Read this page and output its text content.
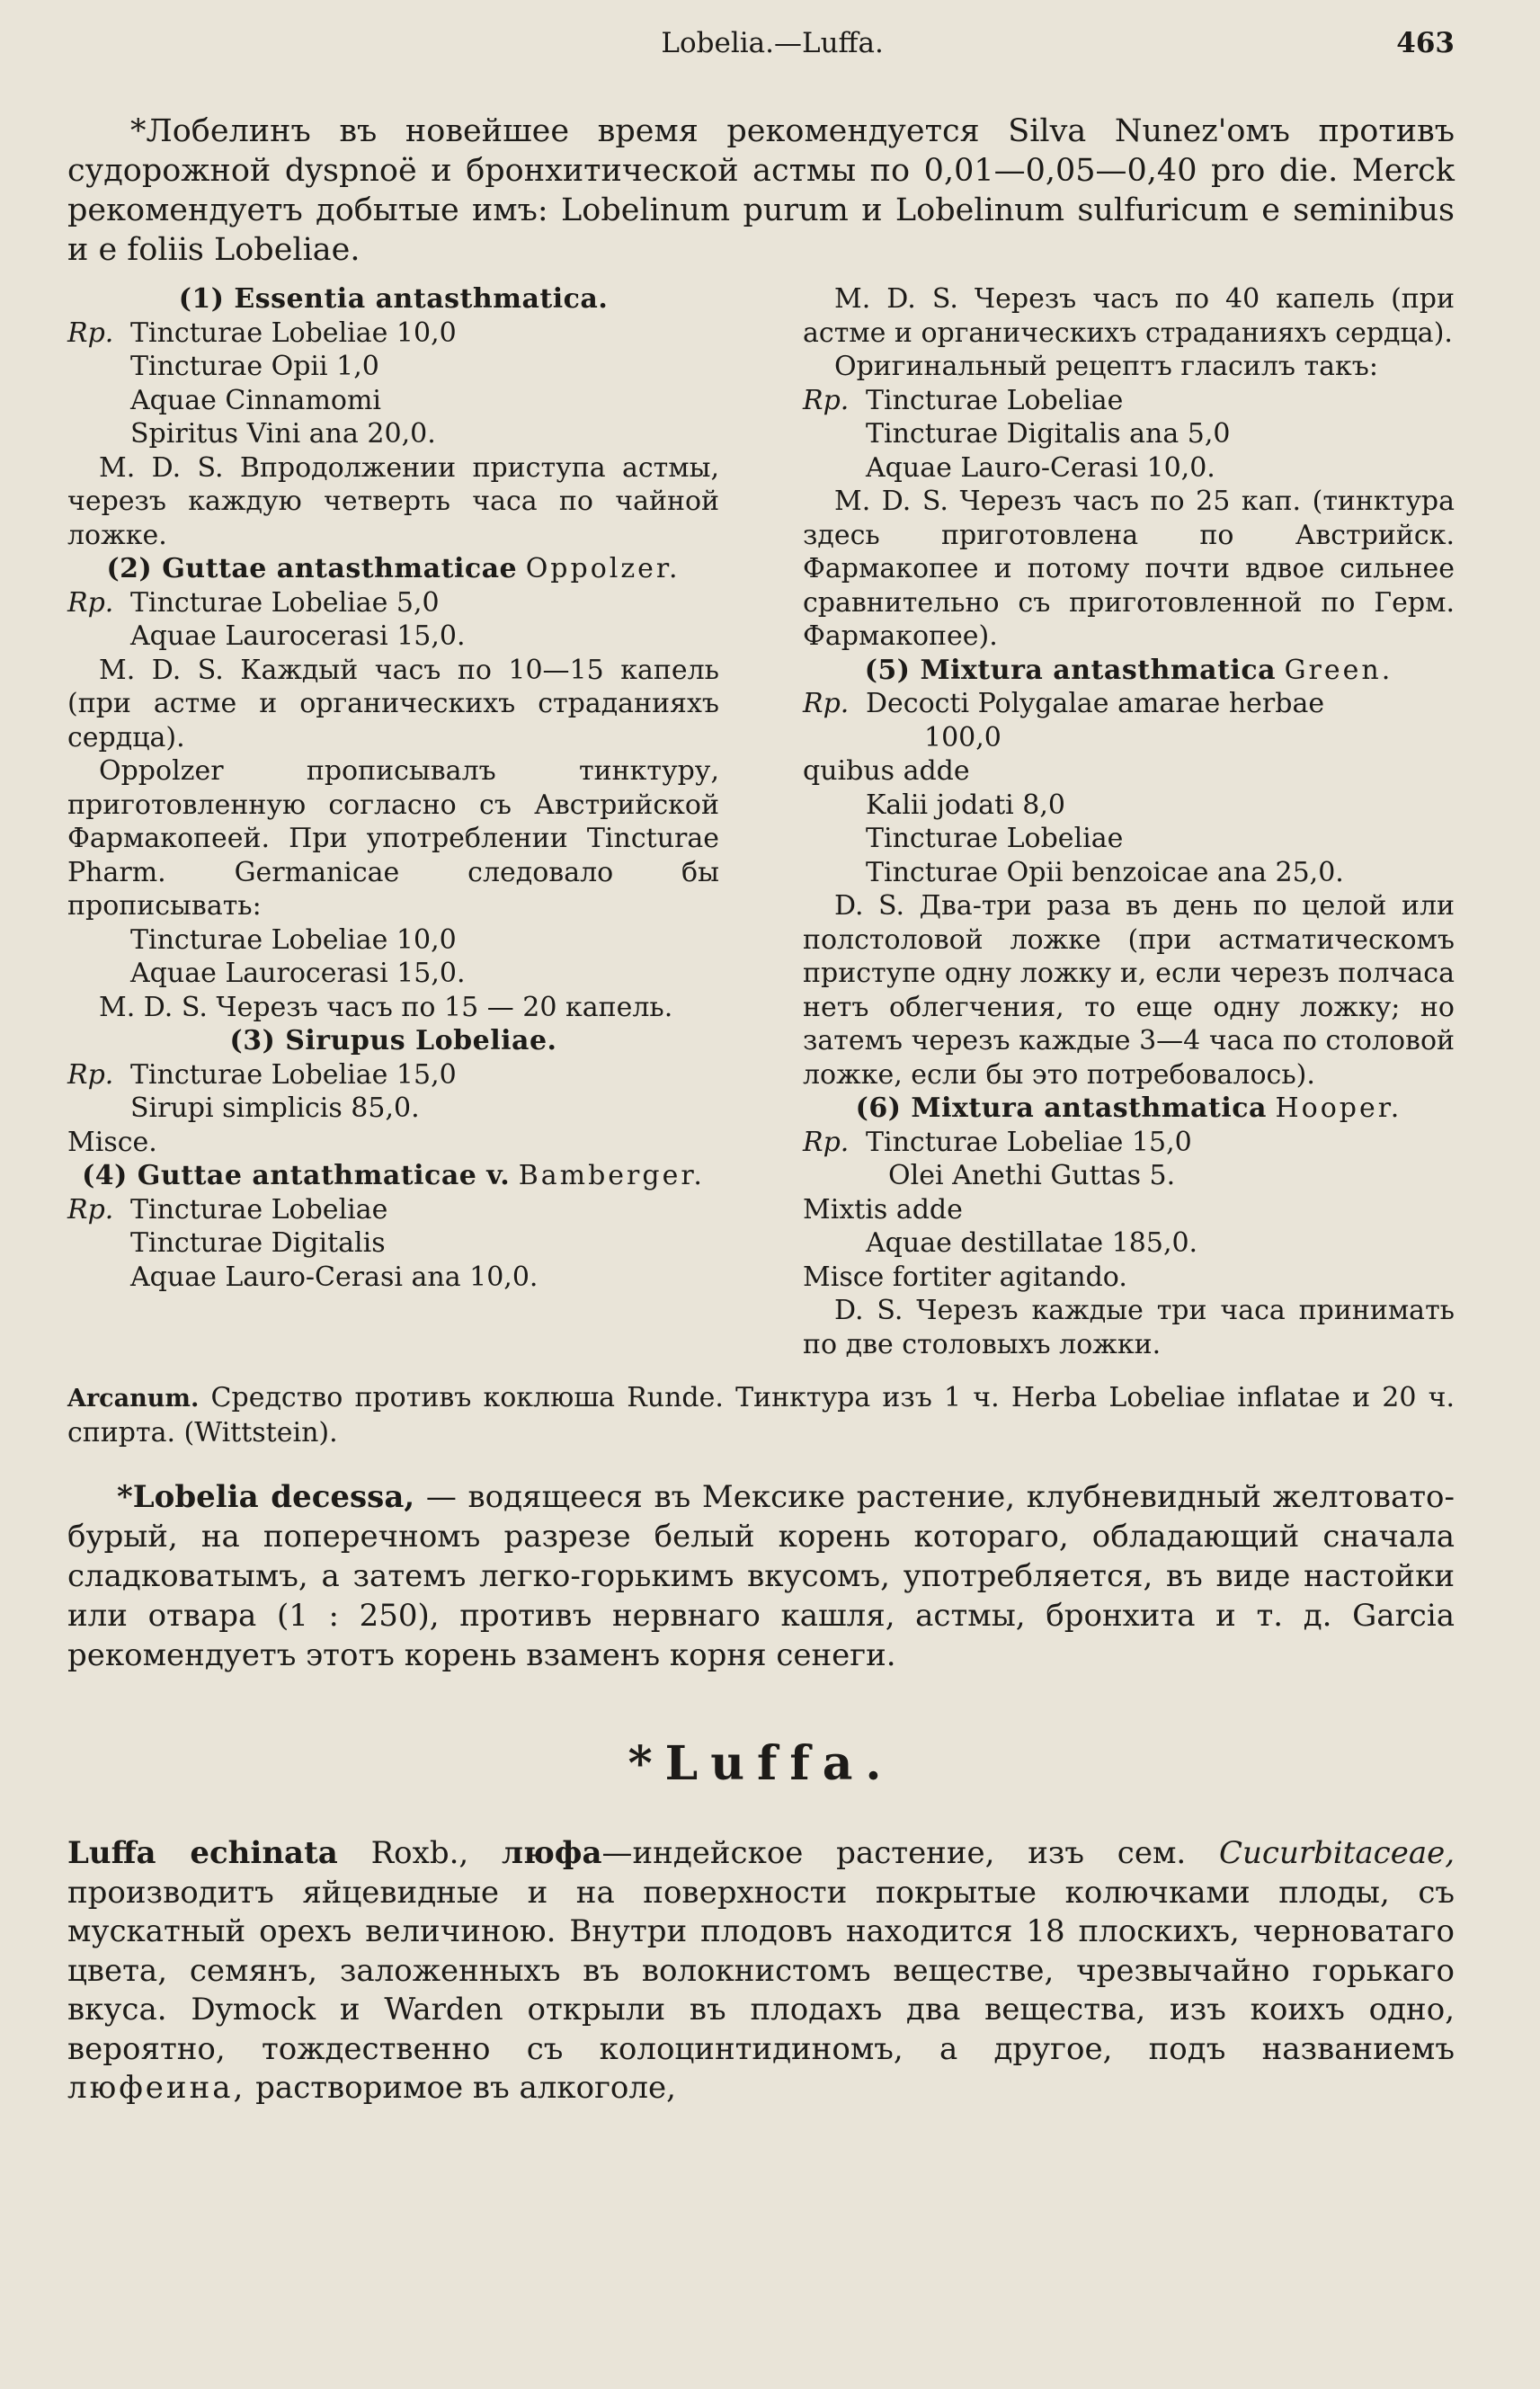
Lobelia.—Luffa.	463

*Лобелинъ въ новейшее время рекомендуется Silva Nunez'омъ противъ судорожной dyspnoë и бронхитической астмы по 0,01—0,05—0,40 pro die. Merck рекомендуетъ добытые имъ: Lobelinum purum и Lobelinum sulfuricum e seminibus и e foliis Lobeliae.

(1) Essentia antasthmatica.

Rp. Tincturae Lobeliae 10,0

Tincturae Opii 1,0

Aquae Cinnamomi

Spiritus Vini ana 20,0.

M. D. S. Впродолжении приступа астмы, черезъ каждую четверть часа по чайной ложке.

(2) Guttae antasthmaticae Oppolzer.

Rp. Tincturae Lobeliae 5,0

Aquae Laurocerasi 15,0.

M. D. S. Каждый часъ по 10—15 капель (при астме и органическихъ страданияхъ сердца).

Oppolzer прописывалъ тинктуру, приготовленную согласно съ Австрийской Фармакопеей. При употреблении Tincturae Pharm. Germanicae следовало бы прописывать:

Tincturae Lobeliae 10,0

Aquae Laurocerasi 15,0.

M. D. S. Черезъ часъ по 15 — 20 капель.

(3) Sirupus Lobeliae.

Rp. Tincturae Lobeliae 15,0

Sirupi simplicis 85,0.

Misce.

(4) Guttae antathmaticae v. Bamberger.

Rp. Tincturae Lobeliae

Tincturae Digitalis

Aquae Lauro-Cerasi ana 10,0.

M. D. S. Черезъ часъ по 40 капель (при астме и органическихъ страданияхъ сердца).

Оригинальный рецептъ гласилъ такъ:

Rp. Tincturae Lobeliae

Tincturae Digitalis ana 5,0

Aquae Lauro-Cerasi 10,0.

M. D. S. Черезъ часъ по 25 кап. (тинктура здесь приготовлена по Австрийск. Фармакопее и потому почти вдвое сильнее сравнительно съ приготовленной по Герм. Фармакопее).

(5) Mixtura antasthmatica Green.

Rp. Decocti Polygalae amarae herbae

100,0

quibus adde

Kalii jodati 8,0

Tincturae Lobeliae

Tincturae Opii benzoicae ana 25,0.

D. S. Два-три раза въ день по целой или полстоловой ложке (при астматическомъ приступе одну ложку и, если черезъ полчаса нетъ облегчения, то еще одну ложку; но затемъ черезъ каждые 3—4 часа по столовой ложке, если бы это потребовалось).

(6) Mixtura antasthmatica Hooper.

Rp. Tincturae Lobeliae 15,0

Olei Anethi Guttas 5.

Mixtis adde

Aquae destillatae 185,0.

Misce fortiter agitando.

D. S. Черезъ каждые три часа принимать по две столовыхъ ложки.

Arcanum. Средство противъ коклюша Runde. Тинктура изъ 1 ч. Herba Lobeliae inflatae и 20 ч. спирта. (Wittstein).

*Lobelia decessa, — водящееся въ Мексике растение, клубневидный желтовато-бурый, на поперечномъ разрезе белый корень котораго, обладающий сначала сладковатымъ, а затемъ легко-горькимъ вкусомъ, употребляется, въ виде настойки или отвара (1 : 250), противъ нервнаго кашля, астмы, бронхита и т. д. Garcia рекомендуетъ этотъ корень взаменъ корня сенеги.

*Luffa.

Luffa echinata Roxb., люфа—индейское растение, изъ сем. Cucurbitaceae, производитъ яйцевидные и на поверхности покрытые колючками плоды, съ мускатный орехъ величиною. Внутри плодовъ находится 18 плоскихъ, черноватаго цвета, семянъ, заложенныхъ въ волокнистомъ веществе, чрезвычайно горькаго вкуса. Dymock и Warden открыли въ плодахъ два вещества, изъ коихъ одно, вероятно, тождественно съ колоцинтидиномъ, а другое, подъ названиемъ люфеина, растворимое въ алкоголе,
